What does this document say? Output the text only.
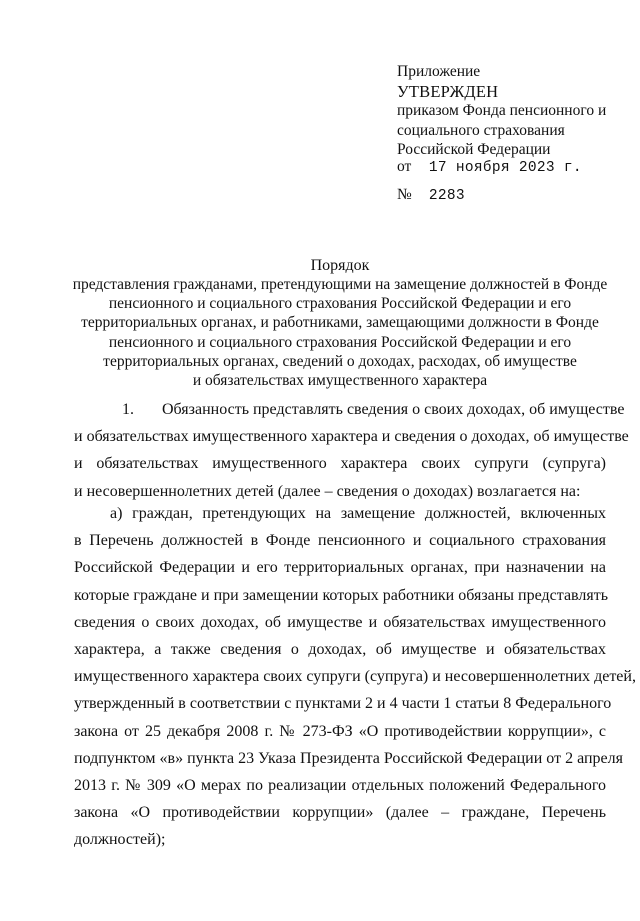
Приложение
УТВЕРЖДЕН
приказом Фонда пенсионного и
социального страхования
Российской Федерации
от 17 ноября 2023 г.
№ 2283
Порядок
представления гражданами, претендующими на замещение должностей в Фонде
пенсионного и социального страхования Российской Федерации и его
территориальных органах, и работниками, замещающими должности в Фонде
пенсионного и социального страхования Российской Федерации и его
территориальных органах, сведений о доходах, расходах, об имуществе
и обязательствах имущественного характера
1. Обязанность представлять сведения о своих доходах, об имуществе
и обязательствах имущественного характера и сведения о доходах, об имуществе
и обязательствах имущественного характера своих супруги (супруга)
и несовершеннолетних детей (далее – сведения о доходах) возлагается на:
а) граждан, претендующих на замещение должностей, включенных
в Перечень должностей в Фонде пенсионного и социального страхования
Российской Федерации и его территориальных органах, при назначении на
которые граждане и при замещении которых работники обязаны представлять
сведения о своих доходах, об имуществе и обязательствах имущественного
характера, а также сведения о доходах, об имуществе и обязательствах
имущественного характера своих супруги (супруга) и несовершеннолетних детей,
утвержденный в соответствии с пунктами 2 и 4 части 1 статьи 8 Федерального
закона от 25 декабря 2008 г. № 273-ФЗ «О противодействии коррупции», с
подпунктом «в» пункта 23 Указа Президента Российской Федерации от 2 апреля
2013 г. № 309 «О мерах по реализации отдельных положений Федерального
закона «О противодействии коррупции» (далее – граждане, Перечень
должностей);
